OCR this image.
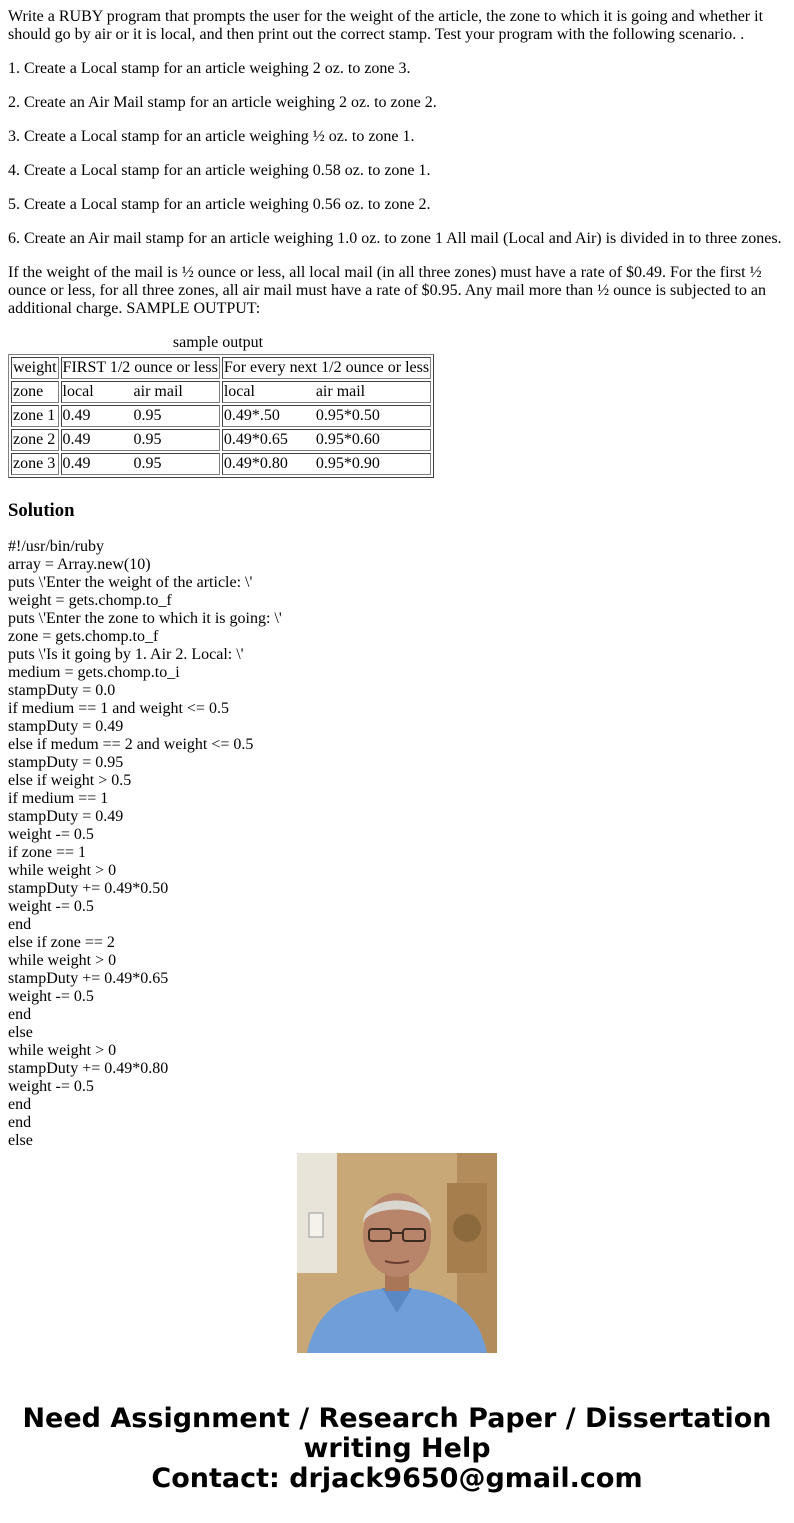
Write a RUBY program that prompts the user for the weight of the article, the zone to which it is going and whether it should go by air or it is local, and then print out the correct stamp. Test your program with the following scenario. .

1. Create a Local stamp for an article weighing 2 oz. to zone 3.

2. Create an Air Mail stamp for an article weighing 2 oz. to zone 2.

3. Create a Local stamp for an article weighing ½ oz. to zone 1.

4. Create a Local stamp for an article weighing 0.58 oz. to zone 1.

5. Create a Local stamp for an article weighing 0.56 oz. to zone 2.

6. Create an Air mail stamp for an article weighing 1.0 oz. to zone 1 All mail (Local and Air) is divided in to three zones.

If the weight of the mail is ½ ounce or less, all local mail (in all three zones) must have a rate of $0.49. For the first ½ ounce or less, for all three zones, all air mail must have a rate of $0.95. Any mail more than ½ ounce is subjected to an additional charge. SAMPLE OUTPUT:

sample output
weight	FIRST 1/2 ounce or less	For every next 1/2 ounce or less
zone	local air mail	local air mail
zone 1	0.49 0.95	0.49*.50 0.95*0.50
zone 2	0.49 0.95	0.49*0.65 0.95*0.60
zone 3	0.49 0.95	0.49*0.80 0.95*0.90
Solution
#!/usr/bin/ruby
array = Array.new(10)
puts \'Enter the weight of the article: \'
weight = gets.chomp.to_f
puts \'Enter the zone to which it is going: \'
zone = gets.chomp.to_f
puts \'Is it going by 1. Air 2. Local: \'
medium = gets.chomp.to_i
stampDuty = 0.0
if medium == 1 and weight <= 0.5
stampDuty = 0.49
else if medum == 2 and weight <= 0.5
stampDuty = 0.95
else if weight > 0.5
if medium == 1
stampDuty = 0.49
weight -= 0.5
if zone == 1
while weight > 0
stampDuty += 0.49*0.50
weight -= 0.5
end
else if zone == 2
while weight > 0
stampDuty += 0.49*0.65
weight -= 0.5
end
else
while weight > 0
stampDuty += 0.49*0.80
weight -= 0.5
end
end
else
Need Assignment / Research Paper / Dissertation
writing Help
Contact: drjack9650@gmail.com
